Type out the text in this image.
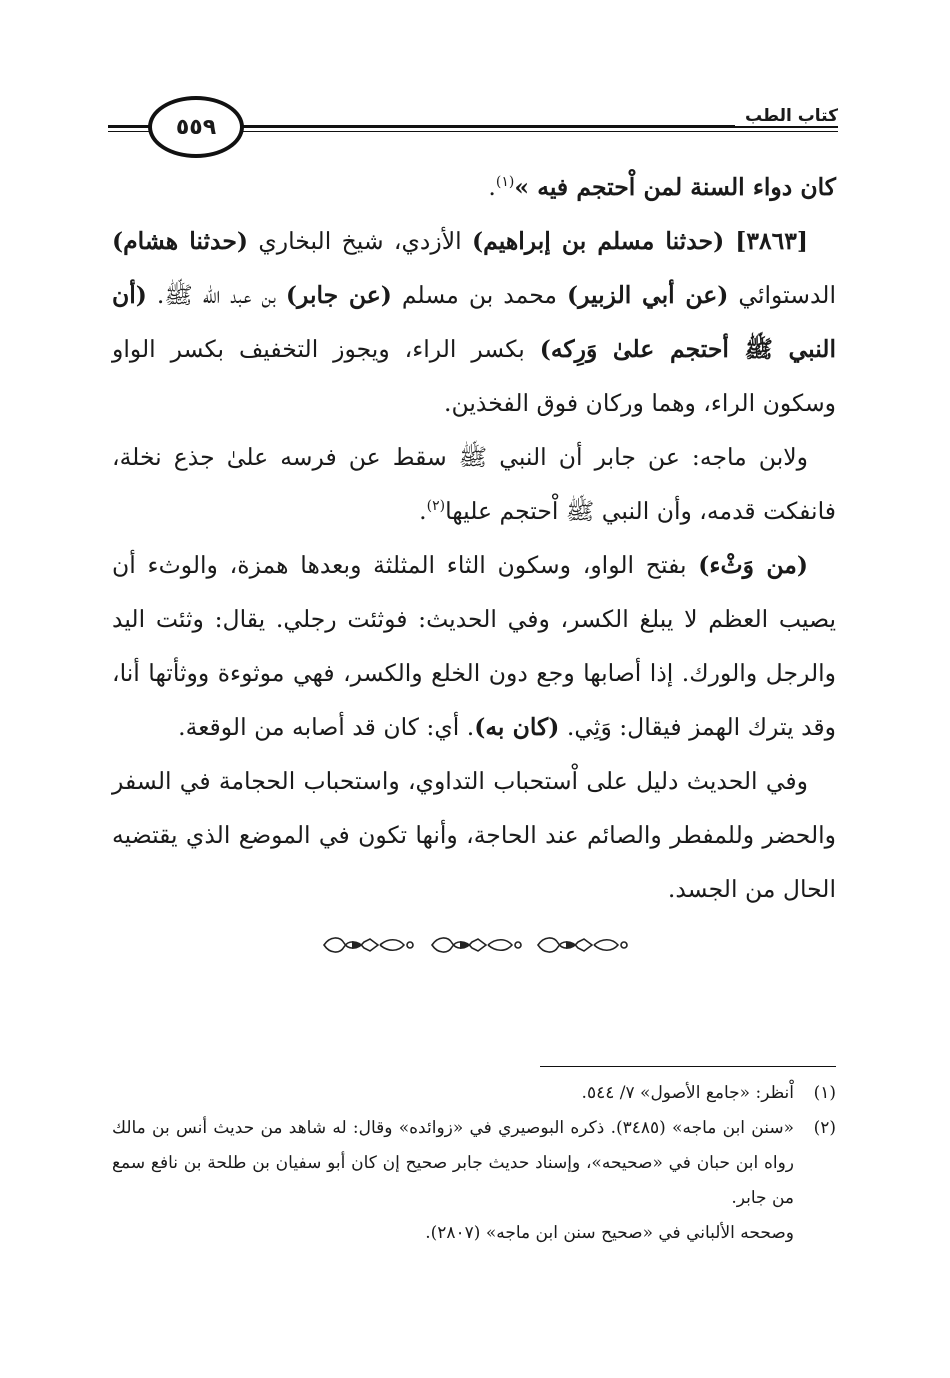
٥٥٩	كتاب الطب

كان دواء السنة لمن اْحتجم فيه »$^{(١)}$.

[٣٨٦٣] (حدثنا مسلم بن إبراهيم) الأزدي، شيخ البخاري (حدثنا هشام) الدستوائي (عن أبي الزبير) محمد بن مسلم (عن جابر) بن عبد الله ﷺ. (أن النبي ﷺ أحتجم علىٰ وَرِكه) بكسر الراء، ويجوز التخفيف بكسر الواو وسكون الراء، وهما وركان فوق الفخذين.

ولابن ماجه: عن جابر أن النبي ﷺ سقط عن فرسه علىٰ جذع نخلة، فانفكت قدمه، وأن النبي ﷺ اْحتجم عليها$^{(٢)}$.

(من وَثْء) بفتح الواو، وسكون الثاء المثلثة وبعدها همزة، والوثء أن يصيب العظم لا يبلغ الكسر، وفي الحديث: فوثئت رجلي. يقال: وثئت اليد والرجل والورك. إذا أصابها وجع دون الخلع والكسر، فهي موثوءة ووثأتها أنا، وقد يترك الهمز فيقال: وَثِي. (كان به). أي: كان قد أصابه من الوقعة.

وفي الحديث دليل على اْستحباب التداوي، واستحباب الحجامة في السفر والحضر وللمفطر والصائم عند الحاجة، وأنها تكون في الموضع الذي يقتضيه الحال من الجسد.

(١)
اْنظر: «جامع الأصول» ٧/ ٥٤٤.
(٢)
«سنن ابن ماجه» (٣٤٨٥). ذكره البوصيري في «زوائده» وقال: له شاهد من حديث أنس بن مالك رواه ابن حبان في «صحيحه»، وإسناد حديث جابر صحيح إن كان أبو سفيان بن طلحة بن نافع سمع من جابر.
وصححه الألباني في «صحيح سنن ابن ماجه» (٢٨٠٧).
